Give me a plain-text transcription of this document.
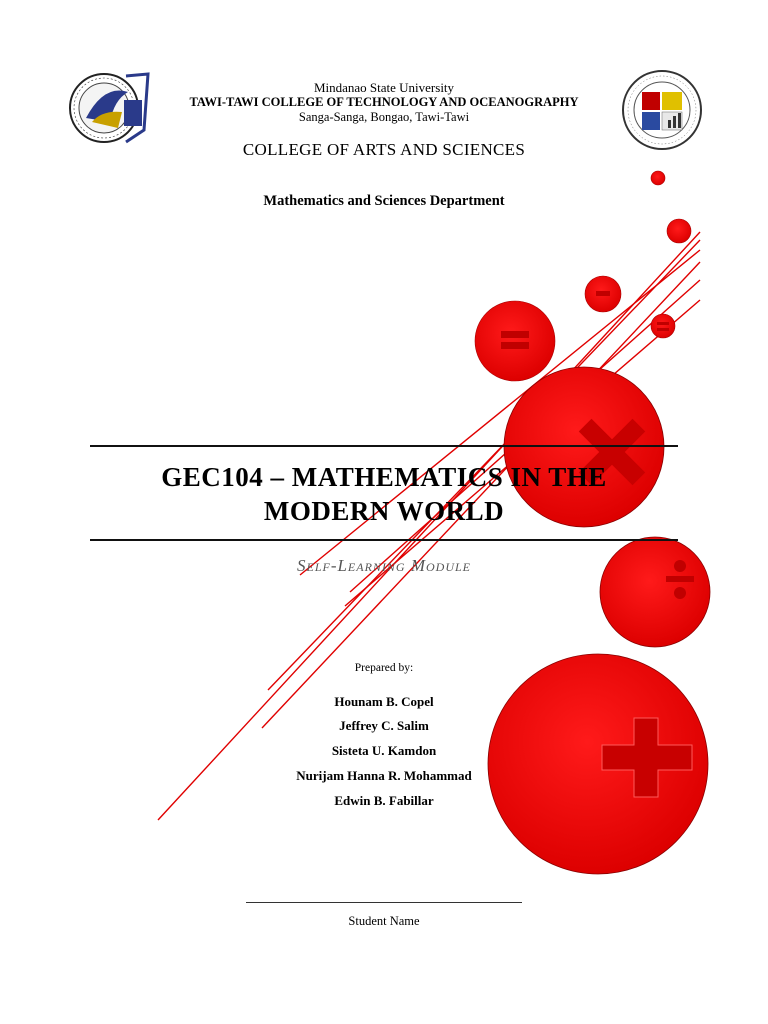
Mindanao State University
TAWI-TAWI COLLEGE OF TECHNOLOGY AND OCEANOGRAPHY
Sanga-Sanga, Bongao, Tawi-Tawi
COLLEGE OF ARTS AND SCIENCES
Mathematics and Sciences Department
GEC104 – MATHEMATICS IN THE
MODERN WORLD
Self-Learning Module
Prepared by:
Hounam B. Copel
Jeffrey C. Salim
Sisteta U. Kamdon
Nurijam Hanna R. Mohammad
Edwin B. Fabillar
Student Name
